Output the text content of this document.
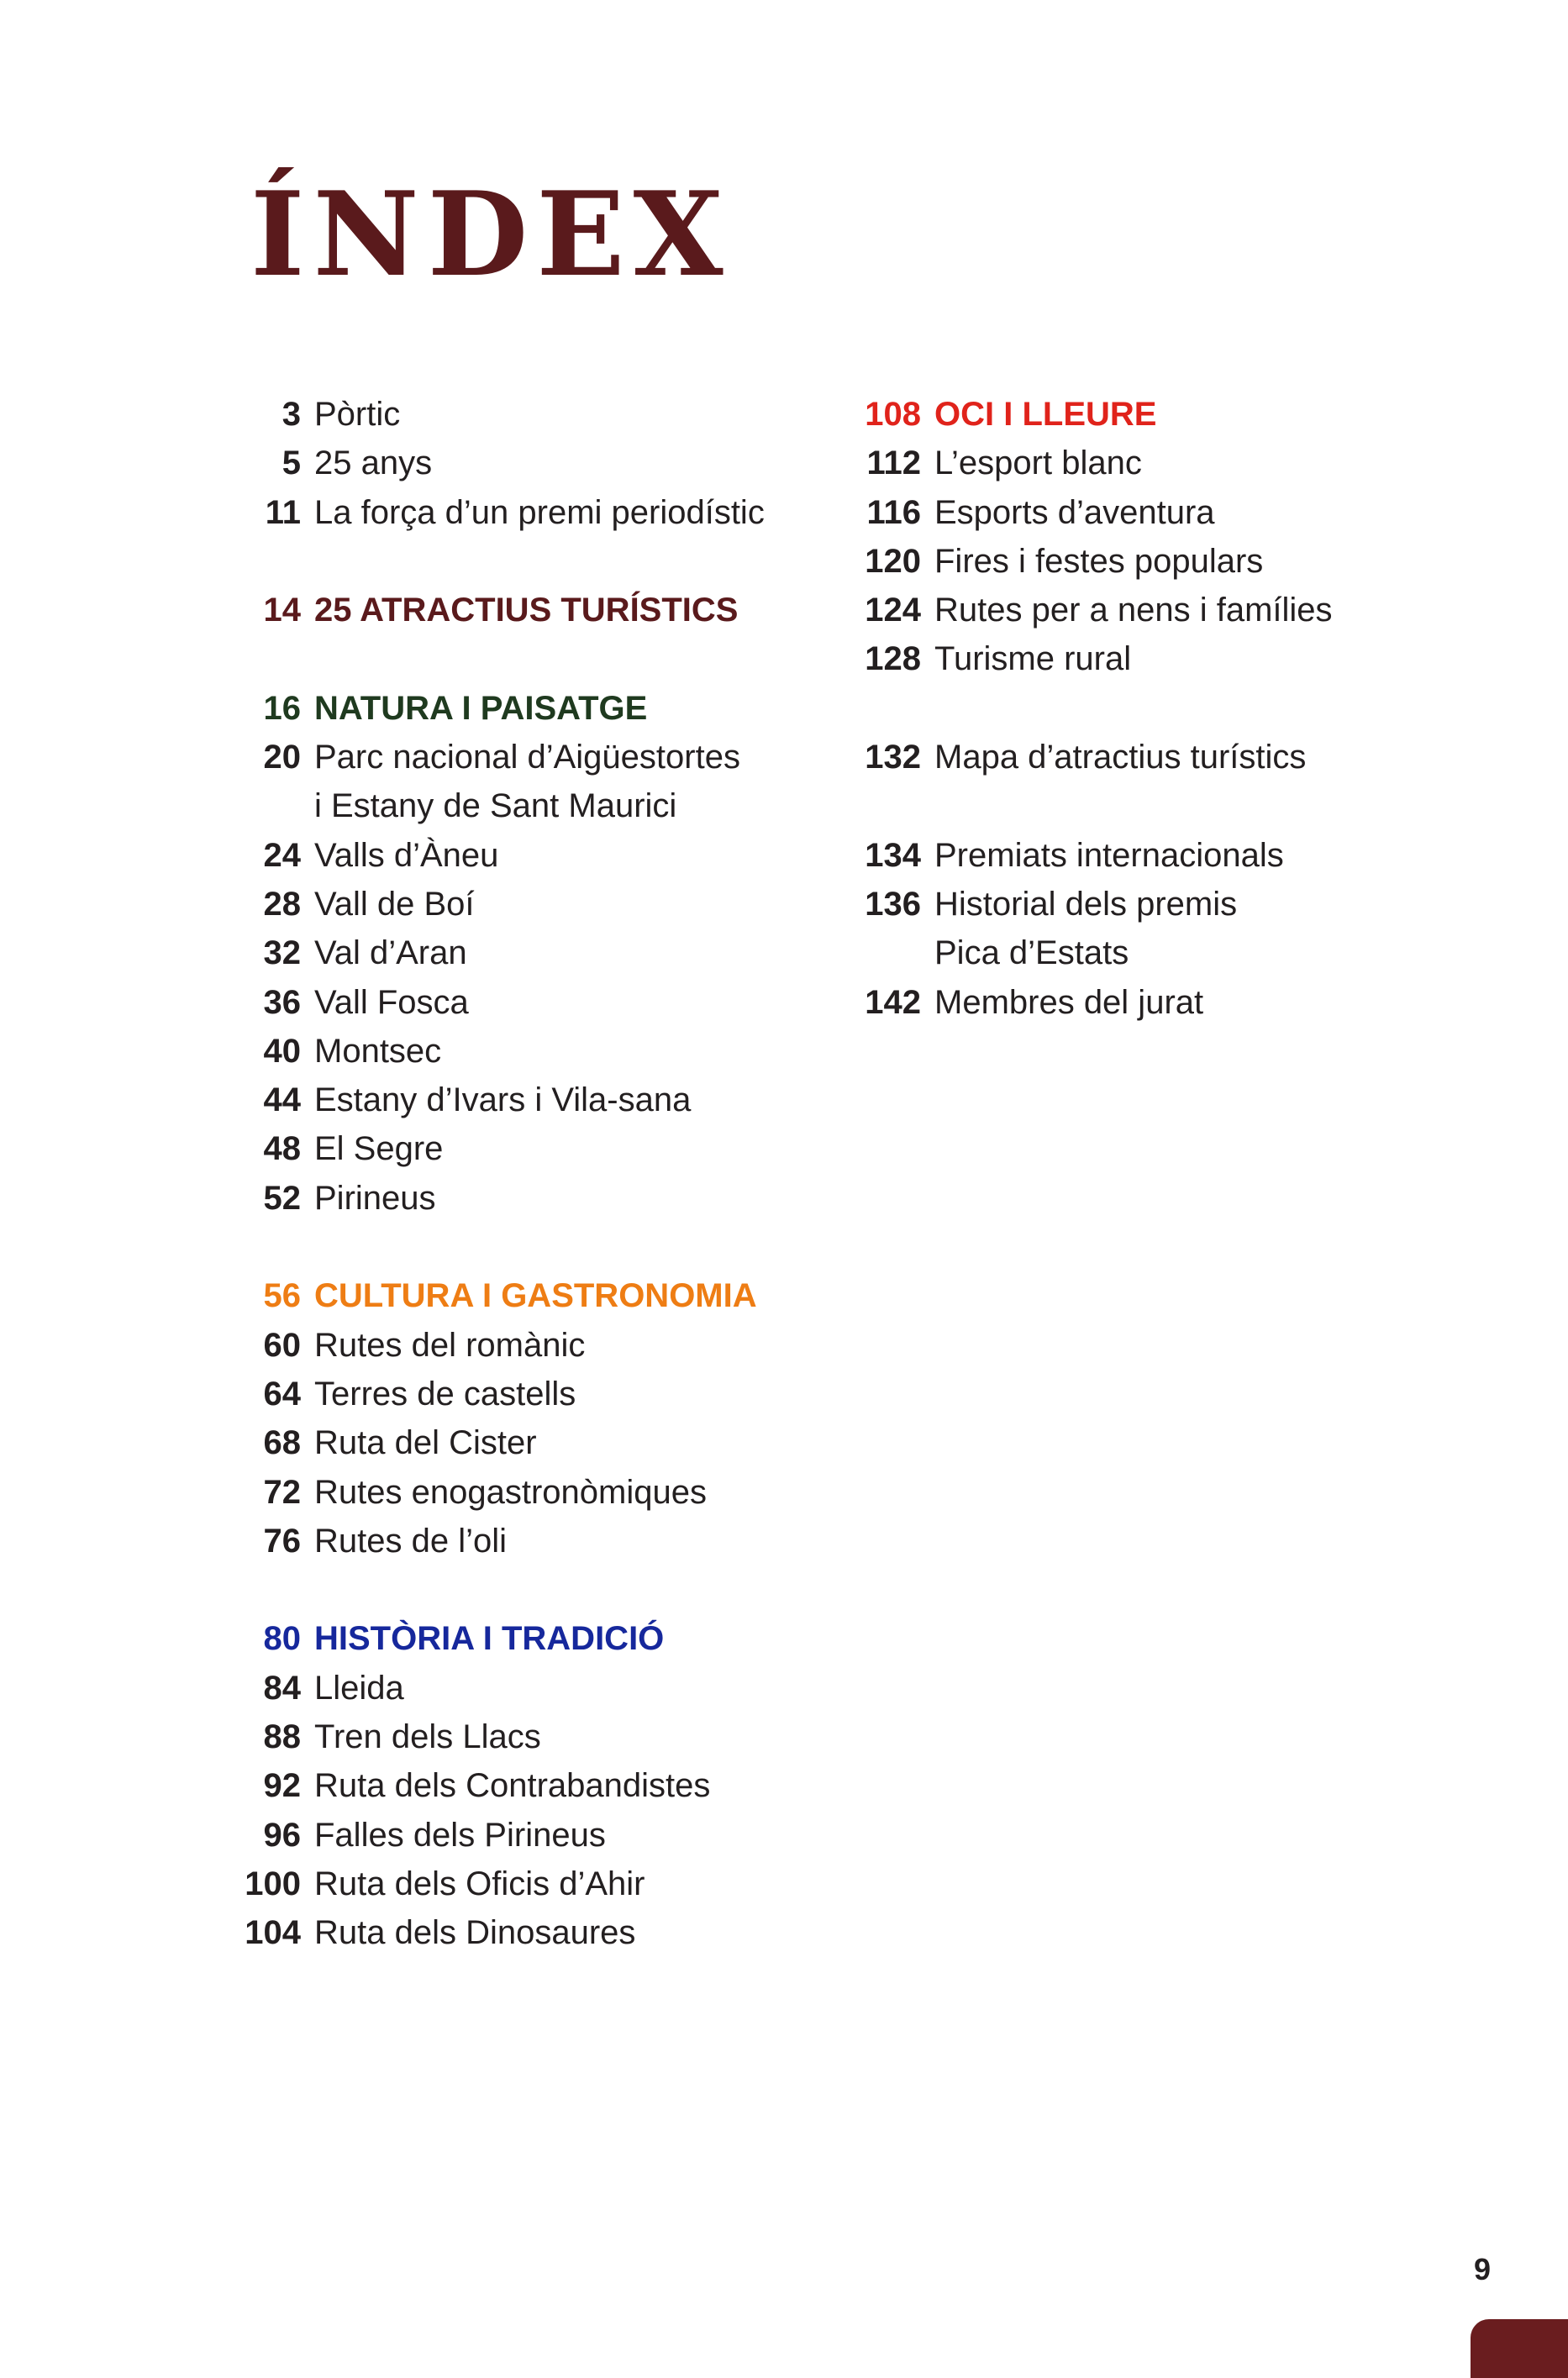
ÍNDEX
3 Pòrtic
5 25 anys
11 La força d’un premi periodístic
14 25 ATRACTIUS TURÍSTICS
16 NATURA I PAISATGE
20 Parc nacional d’Aigüestortes
i Estany de Sant Maurici
24 Valls d’Àneu
28 Vall de Boí
32 Val d’Aran
36 Vall Fosca
40 Montsec
44 Estany d’Ivars i Vila-sana
48 El Segre
52 Pirineus
56 CULTURA I GASTRONOMIA
60 Rutes del romànic
64 Terres de castells
68 Ruta del Cister
72 Rutes enogastronòmiques
76 Rutes de l’oli
80 HISTÒRIA I TRADICIÓ
84 Lleida
88 Tren dels Llacs
92 Ruta dels Contrabandistes
96 Falles dels Pirineus
100 Ruta dels Oficis d’Ahir
104 Ruta dels Dinosaures
108 OCI I LLEURE
112 L’esport blanc
116 Esports d’aventura
120 Fires i festes populars
124 Rutes per a nens i famílies
128 Turisme rural
132 Mapa d’atractius turístics
134 Premiats internacionals
136 Historial dels premis
Pica d’Estats
142 Membres del jurat
9
